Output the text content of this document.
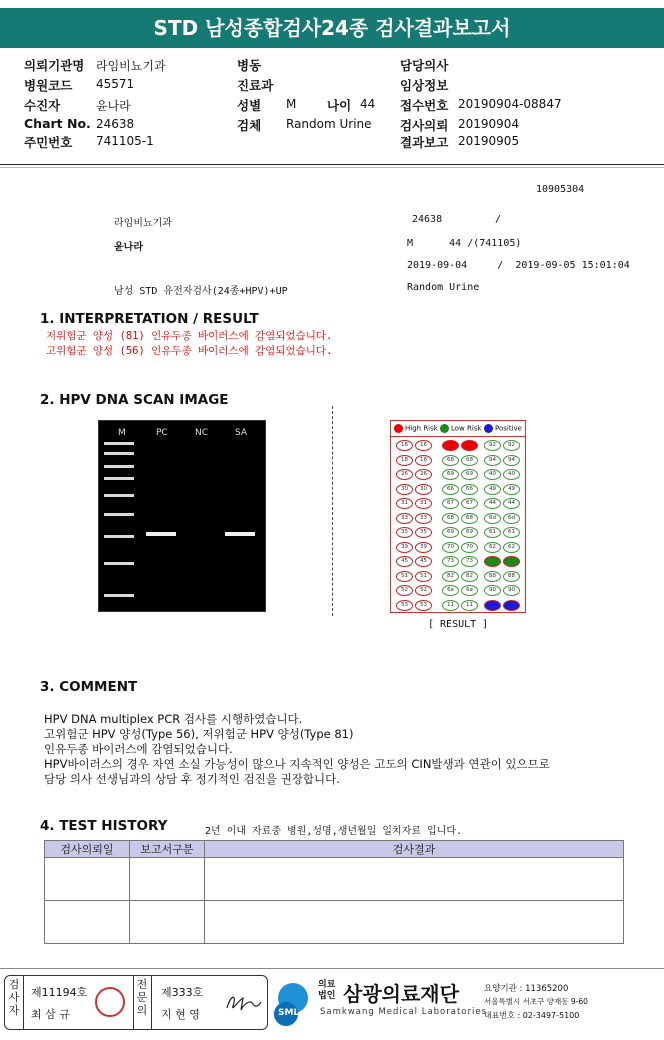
STD 남성종합검사24종 검사결과보고서
의뢰기관명 라임비뇨기과
병원코드 45571
수진자	윤나라
Chart No. 24638
주민번호 741105-1
병동
진료과
성별 M 나이 44
검체 Random Urine
담당의사
임상정보
접수번호 20190904-08847
검사의뢰 20190904
결과보고 20190905
10905304
라임비뇨기과	24638	/
윤나라	M      44 /(741105)
2019-09-04     /  2019-09-05 15:01:04
남성 STD 유전자검사(24종+HPV)+UP	Random Urine
1. INTERPRETATION / RESULT
저위험군 양성 (81) 인유두종 바이러스에 감염되었습니다.
고위험군 양성 (56) 인유두종 바이러스에 감염되었습니다.
2. HPV DNA SCAN IMAGE
M	PC	NC	SA	High Risk	Low Risk	Positive
16	16	92	92
18	18	68	68	94	94
26	26	69	69	40	40
30	30	66	66	49	49
31	31	67	67	44	44
33	33	68	68	6d	6d
35	35	69	69	61	61
39	39	70	70	62	62
45	45	73	73
51	51	82	82	88	88
52	52	6a	6a	90	90
53	53	11	11
[ RESULT ]
3. COMMENT
HPV DNA multiplex PCR 검사를 시행하였습니다.
고위험군 HPV 양성(Type 56), 저위험군 HPV 양성(Type 81)
인유두종 바이러스에 감염되었습니다.
HPV바이러스의 경우 자연 소실 가능성이 많으나 지속적인 양성은 고도의 CIN발생과 연관이 있으므로
담당 의사 선생님과의 상담 후 정기적인 검진을 권장합니다.
4. TEST HISTORY	2년 이내 자료중 병원,성명,생년월일 일치자료 입니다.
검사의뢰일	보고서구분	검사결과

검사자
제11194호
최 삼 규
전문의
제333호
지 현 영	SML
의료법인 삼광의료재단
Samkwang Medical Laboratories
요양기관 : 11365200
서울특별시 서초구 양재동 9-60
대표번호 : 02-3497-5100
